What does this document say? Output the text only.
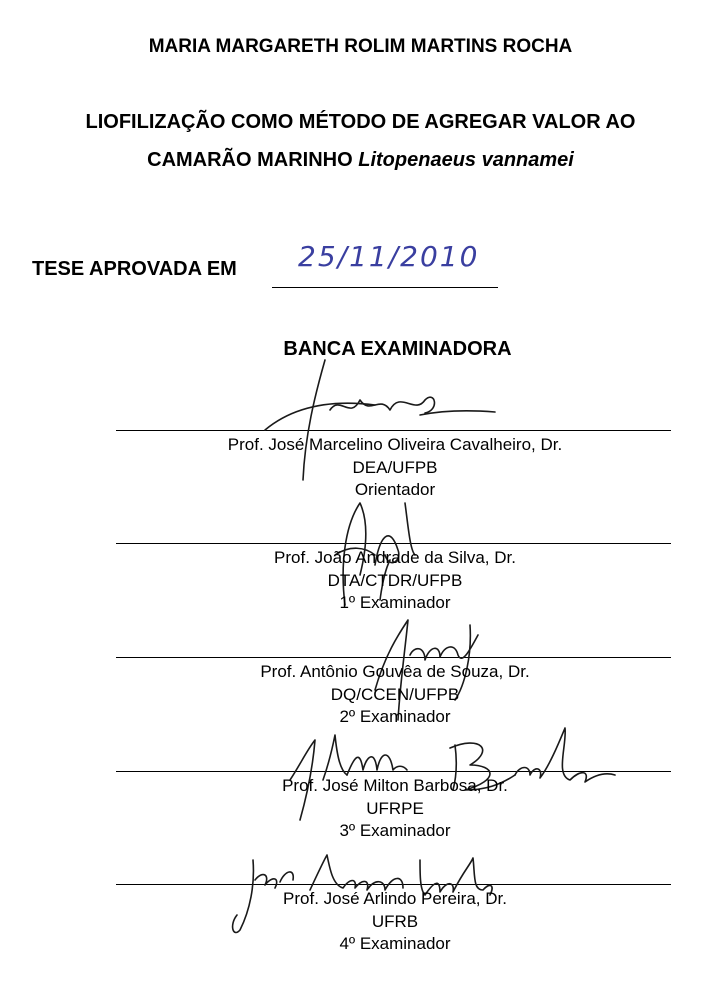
MARIA MARGARETH ROLIM MARTINS ROCHA
LIOFILIZAÇÃO COMO MÉTODO DE AGREGAR VALOR AO
CAMARÃO MARINHO Litopenaeus vannamei
TESE APROVADA EM 25/11/2010
BANCA EXAMINADORA
Prof. José Marcelino Oliveira Cavalheiro, Dr.
DEA/UFPB
Orientador
Prof. João Andrade da Silva, Dr.
DTA/CTDR/UFPB
1º Examinador
Prof. Antônio Gouvêa de Souza, Dr.
DQ/CCEN/UFPB
2º Examinador
Prof. José Milton Barbosa, Dr.
UFRPE
3º Examinador
Prof. José Arlindo Pereira, Dr.
UFRB
4º Examinador
